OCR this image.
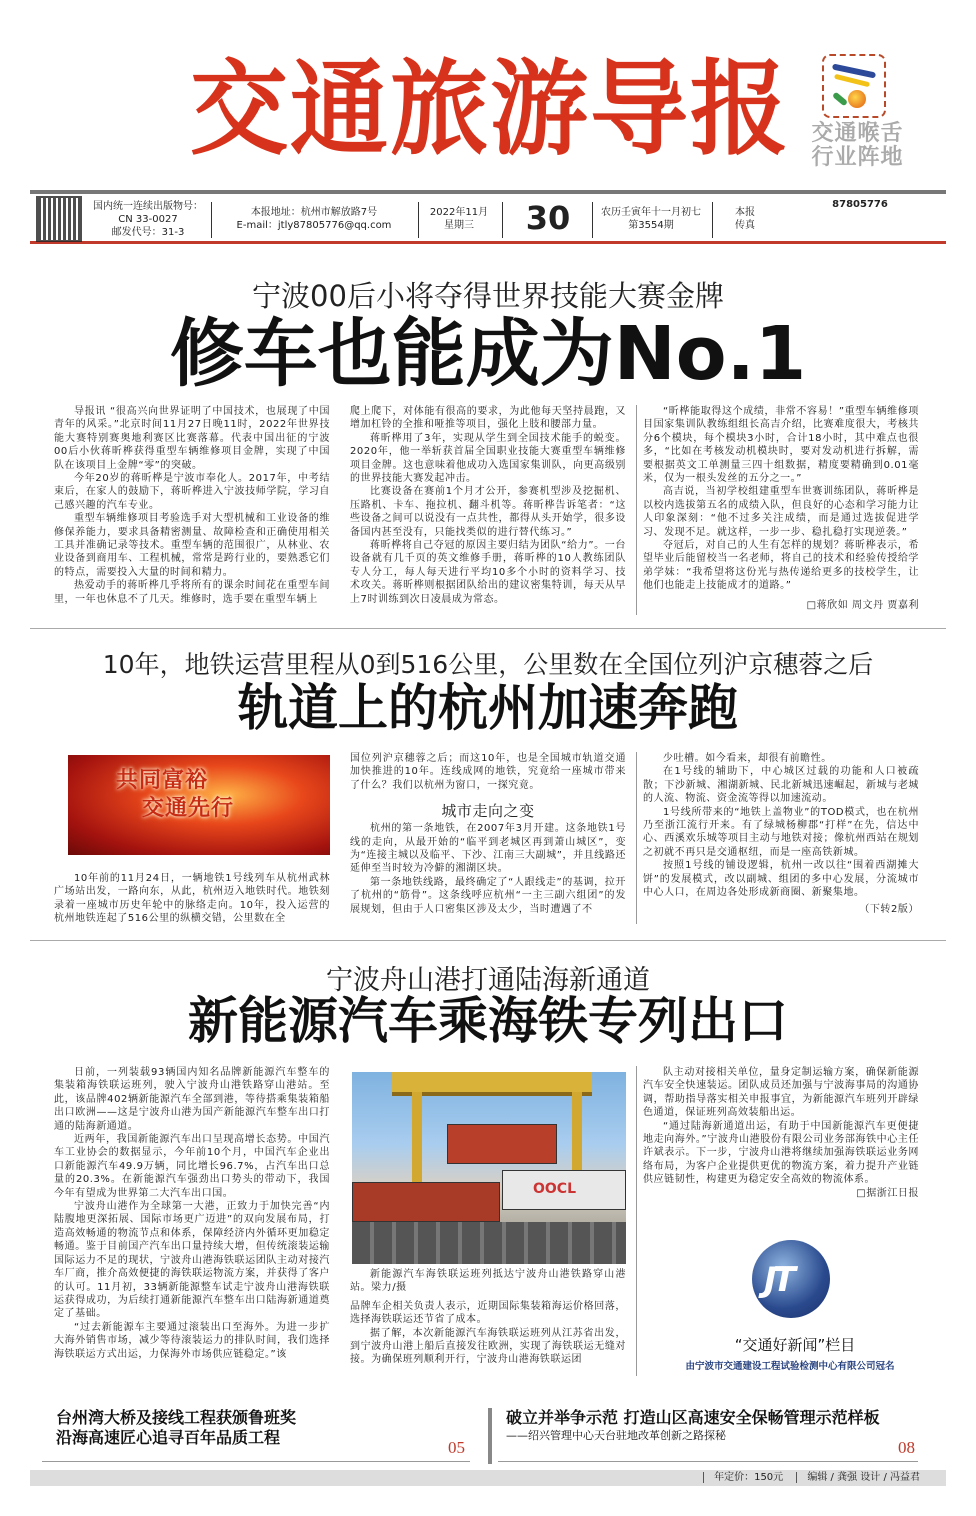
交通旅游导报 交通喉舌
行业阵地
国内统一连续出版物号：
CN 33-0027
邮发代号：31-3
本报地址：杭州市解放路7号
E-mail：jtly87805776@qq.com
2022年11月
星期三	30	农历壬寅年十一月初七
第3554期
本报
传真
87805776
宁波00后小将夺得世界技能大赛金牌
修车也能成为No.1

导报讯 “很高兴向世界证明了中国技术，也展现了中国青年的风采。”北京时间11月27日晚11时，2022年世界技能大赛特别赛奥地利赛区比赛落幕。代表中国出征的宁波00后小伙蒋昕桦获得重型车辆维修项目金牌，实现了中国队在该项目上金牌“零”的突破。

今年20岁的蒋昕桦是宁波市奉化人。2017年，中考结束后，在家人的鼓励下，蒋昕桦进入宁波技师学院，学习自己感兴趣的汽车专业。

重型车辆维修项目考验选手对大型机械和工业设备的维修保养能力，要求具备精密测量、故障检查和正确使用相关工具并准确记录等技术。重型车辆的范围很广，从林业、农业设备到商用车、工程机械，常常是跨行业的，要熟悉它们的特点，需要投入大量的时间和精力。

热爱动手的蒋昕桦几乎将所有的课余时间花在重型车间里，一年也休息不了几天。维修时，选手要在重型车辆上

爬上爬下，对体能有很高的要求，为此他每天坚持晨跑，又增加杠铃的全推和哑推等项目，强化上肢和腰部力量。

蒋昕桦用了3年，实现从学生到全国技术能手的蜕变。2020年，他一举斩获首届全国职业技能大赛重型车辆维修项目金牌。这也意味着他成功入选国家集训队，向更高级别的世界技能大赛发起冲击。

比赛设备在赛前1个月才公开，参赛机型涉及挖掘机、压路机、卡车、拖拉机、翻斗机等。蒋昕桦告诉笔者：“这些设备之间可以说没有一点共性，都得从头开始学，很多设备国内甚至没有，只能找类似的进行替代练习。”

蒋昕桦将自己夺冠的原因主要归结为团队“给力”。一台设备就有几千页的英文维修手册，蒋昕桦的10人教练团队专人分工，每人每天进行平均10多个小时的资料学习、技术攻关。蒋昕桦则根据团队给出的建议密集特训，每天从早上7时训练到次日凌晨成为常态。

“昕桦能取得这个成绩，非常不容易！”重型车辆维修项目国家集训队教练组组长高吉介绍，比赛难度很大，考核共分6个模块，每个模块3小时，合计18小时，其中难点也很多，“比如在考核发动机模块时，要对发动机进行拆解，需要根据英文工单测量三四十组数据，精度要精确到0.01毫米，仅为一根头发丝的五分之一。”

高吉说，当初学校组建重型车世赛训练团队，蒋昕桦是以校内选拔第五名的成绩入队，但良好的心态和学习能力让人印象深刻：“他不过多关注成绩，而是通过选拔促进学习、发现不足。就这样，一步一步、稳扎稳打实现逆袭。”

夺冠后，对自己的人生有怎样的规划？蒋昕桦表示，希望毕业后能留校当一名老师，将自己的技术和经验传授给学弟学妹：“我希望将这份光与热传递给更多的技校学生，让他们也能走上技能成才的道路。”

□蒋欣如 周文丹 贾嘉利
10年，地铁运营里程从0到516公里，公里数在全国位列沪京穗蓉之后
轨道上的杭州加速奔跑
共同富裕
交通先行

10年前的11月24日，一辆地铁1号线列车从杭州武林广场站出发，一路向东，从此，杭州迈入地铁时代。地铁刻录着一座城市历史年轮中的脉络走向。10年，投入运营的杭州地铁连起了516公里的纵横交错，公里数在全

国位列沪京穗蓉之后；而这10年，也是全国城市轨道交通加快推进的10年。连线成网的地铁，究竟给一座城市带来了什么？我们以杭州为窗口，一探究竟。

城市走向之变

杭州的第一条地铁，在2007年3月开建。这条地铁1号线的走向，从最开始的“临平到老城区再到萧山城区”，变为“连接主城以及临平、下沙、江南三大副城”，并且线路还延伸至当时较为冷僻的湘湖区块。

第一条地铁线路，最终确定了“人跟线走”的基调，拉开了杭州的“筋骨”。这条线呼应杭州“一主三副六组团”的发展规划，但由于人口密集区涉及太少，当时遭遇了不

少吐槽。如今看来，却很有前瞻性。

在1号线的辅助下，中心城区过载的功能和人口被疏散；下沙新城、湘湖新城、民北新城迅速崛起，新城与老城的人流、物流、资金流等得以加速流动。

1号线所带来的“地铁上盖物业”的TOD模式，也在杭州乃至浙江流行开来。有了绿城杨柳郡“打样”在先，信达中心、西溪欢乐城等项目主动与地铁对接；像杭州西站在规划之初就不再只是交通枢纽，而是一座高铁新城。

按照1号线的铺设逻辑，杭州一改以往“围着西湖摊大饼”的发展模式，改以副城、组团的多中心发展，分流城市中心人口，在周边各处形成新商圈、新聚集地。

（下转2版）
宁波舟山港打通陆海新通道
新能源汽车乘海铁专列出口

日前，一列装载93辆国内知名品牌新能源汽车整车的集装箱海铁联运班列，驶入宁波舟山港铁路穿山港站。至此，该品牌402辆新能源汽车全部到港，等待搭乘集装箱船出口欧洲——这是宁波舟山港为国产新能源汽车整车出口打通的陆海新通道。

近两年，我国新能源汽车出口呈现高增长态势。中国汽车工业协会的数据显示，今年前10个月，中国汽车企业出口新能源汽车49.9万辆，同比增长96.7%，占汽车出口总量的20.3%。在新能源汽车强劲出口势头的带动下，我国今年有望成为世界第二大汽车出口国。

宁波舟山港作为全球第一大港，正致力于加快完善“内陆腹地更深拓展、国际市场更广迈进”的双向发展布局，打造高效畅通的物流节点和体系，保障经济内外循环更加稳定畅通。鉴于目前国产汽车出口量持续大增，但传统滚装运输国际运力不足的现状，宁波舟山港海铁联运团队主动对接汽车厂商，推介高效便捷的海铁联运物流方案，并获得了客户的认可。11月初，33辆新能源整车试走宁波舟山港海铁联运获得成功，为后续打通新能源汽车整车出口陆海新通道奠定了基础。

“过去新能源车主要通过滚装出口至海外。为进一步扩大海外销售市场，减少等待滚装运力的排队时间，我们选择海铁联运方式出运，力保海外市场供应链稳定。”该

OOCL

新能源汽车海铁联运班列抵达宁波舟山港铁路穿山港站。梁力/摄

品牌车企相关负责人表示，近期国际集装箱海运价格回落，选择海铁联运还节省了成本。

据了解，本次新能源汽车海铁联运班列从江苏省出发，到宁波舟山港上船后直接发往欧洲，实现了海铁联运无缝对接。为确保班列顺利开行，宁波舟山港海铁联运团

队主动对接相关单位，量身定制运输方案，确保新能源汽车安全快速装运。团队成员还加强与宁波海事局的沟通协调，帮助指导落实相关申报事宜，为新能源汽车班列开辟绿色通道，保证班列高效装船出运。

“通过陆海新通道出运，有助于中国新能源汽车更便捷地走向海外。”宁波舟山港股份有限公司业务部海铁中心主任许斌表示。下一步，宁波舟山港将继续加强海铁联运业务网络布局，为客户企业提供更优的物流方案，着力提升产业链供应链韧性，构建更为稳定安全高效的物流体系。

□据浙江日报
JT
“交通好新闻”栏目
由宁波市交通建设工程试验检测中心有限公司冠名
台州湾大桥及接线工程获颁鲁班奖
沿海高速匠心追寻百年品质工程
05
破立并举争示范 打造山区高速安全保畅管理示范样板
——绍兴管理中心天台驻地改革创新之路探秘
08
年定价：150元 编辑 / 龚强 设计 / 冯益君
